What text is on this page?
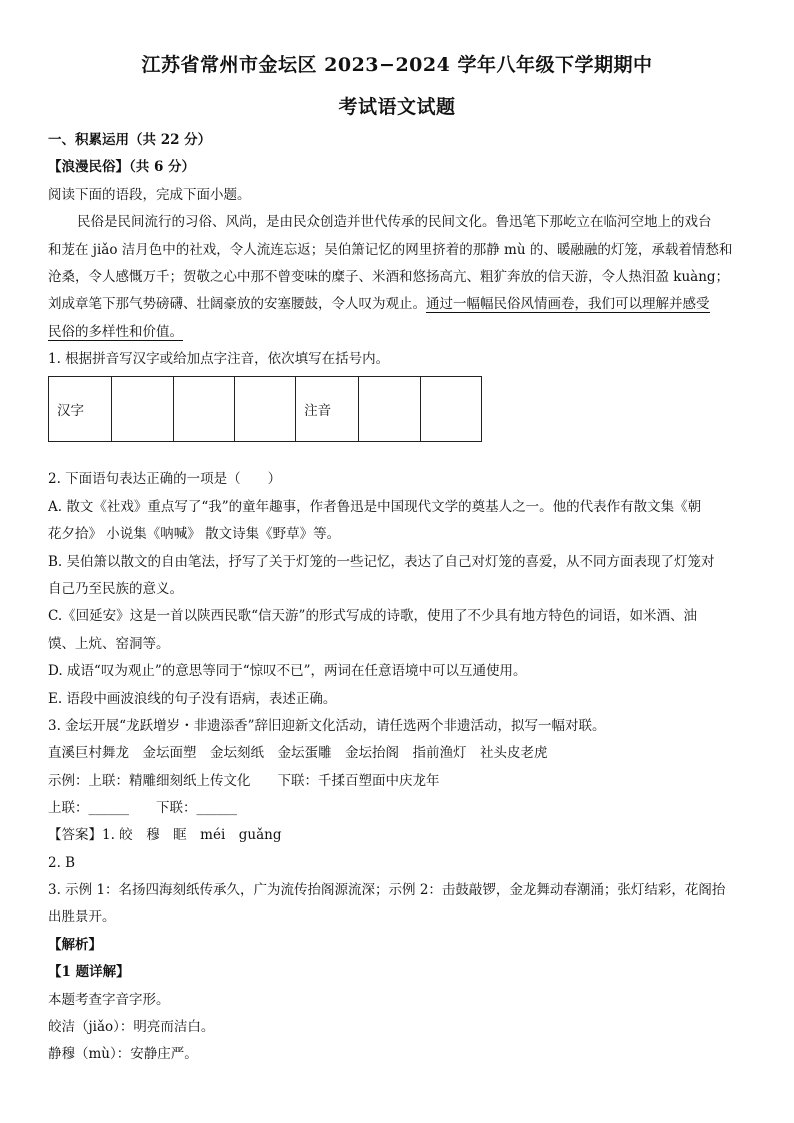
江苏省常州市金坛区 2023−2024 学年八年级下学期期中
考试语文试题
一、积累运用（共 22 分）
【浪漫民俗】（共 6 分）
阅读下面的语段，完成下面小题。
民俗是民间流行的习俗、风尚，是由民众创造并世代传承的民间文化。鲁迅笔下那屹立在临河空地上的戏台
和茏在 jiǎo 洁月色中的社戏，令人流连忘返；吴伯箫记忆的网里挤着的那静 mù 的、暖融融的灯笼，承载着情愁和
沧桑，令人感慨万千；贺敬之心中那不曾变味的糜子、米酒和悠扬高亢、粗犷奔放的信天游，令人热泪盈 kuàng；
刘成章笔下那气势磅礴、壮阔豪放的安塞腰鼓，令人叹为观止。通过一幅幅民俗风情画卷，我们可以理解并感受
民俗的多样性和价值。
1. 根据拼音写汉字或给加点字注音，依次填写在括号内。
汉字				注音		
2. 下面语句表达正确的一项是（　　）
A. 散文《社戏》重点写了“我”的童年趣事，作者鲁迅是中国现代文学的奠基人之一。他的代表作有散文集《朝
花夕拾》 小说集《呐喊》 散文诗集《野草》等。
B. 吴伯箫以散文的自由笔法，抒写了关于灯笼的一些记忆，表达了自己对灯笼的喜爱，从不同方面表现了灯笼对
自己乃至民族的意义。
C.《回延安》这是一首以陕西民歌“信天游”的形式写成的诗歌，使用了不少具有地方特色的词语，如米酒、油
馍、上炕、窑洞等。
D. 成语“叹为观止”的意思等同于“惊叹不已”，两词在任意语境中可以互通使用。
E. 语段中画波浪线的句子没有语病，表述正确。
3. 金坛开展“龙跃增岁・非遗添香”辞旧迎新文化活动，请任选两个非遗活动，拟写一幅对联。
直溪巨村舞龙　金坛面塑　金坛刻纸　金坛蛋雕　金坛抬阁　指前渔灯　社头皮老虎
示例：上联：精雕细刻纸上传文化　　下联：千揉百塑面中庆龙年
上联：______　　下联：______
【答案】1. 皎　穆　眶　méi　guǎng
2. B
3. 示例 1：名扬四海刻纸传承久，广为流传抬阁源流深；示例 2：击鼓敲锣，金龙舞动春潮涌；张灯结彩，花阁抬
出胜景开。
【解析】
【1 题详解】
本题考查字音字形。
皎洁（jiǎo）：明亮而洁白。
静穆（mù）：安静庄严。
